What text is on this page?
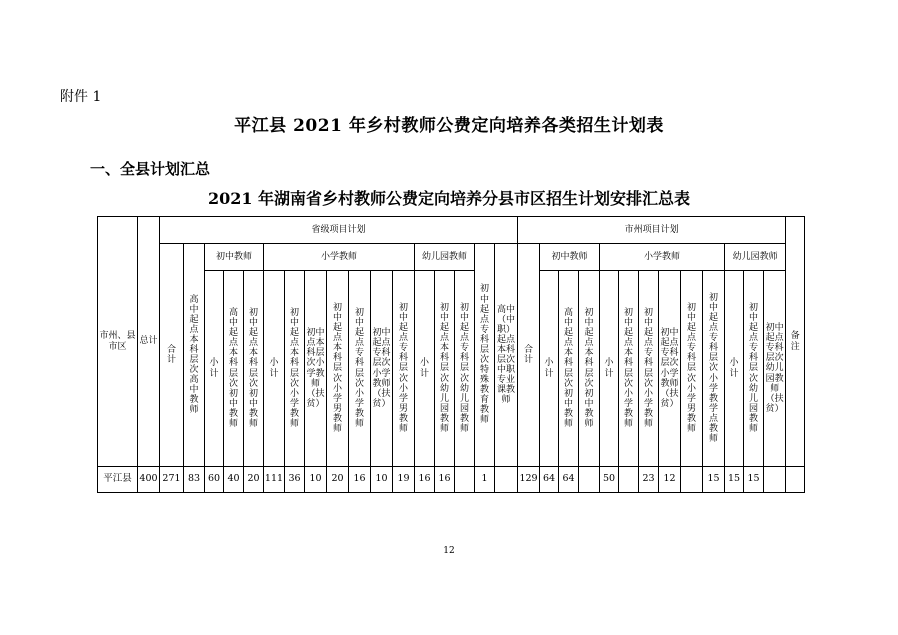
附件 1
平江县 2021 年乡村教师公费定向培养各类招生计划表
一、全县计划汇总
2021 年湖南省乡村教师公费定向培养分县市区招生计划安排汇总表
市州、县市区	总计	省级项目计划																	市州项目计划													备注
		合计	高中起点本科层次高中教师	初中教师			小学教师							幼儿园教师			初中起点专科层次特殊教育教师	高中（中职）起点本科层次中职专业课教师	合计	初中教师			小学教师						幼儿园教师			
				小计	高中起点本科层次初中教师	初中起点本科层次初中教师	小计	初中起点本科层次小学教师	初中点本科层次小学教师（扶贫）	初中起点本科层次小学男教师	初中起点专科层次小学教师	初中起点专科层次小学教师（扶贫）	初中起点专科层次小学男教师	小计	初中起点本科层次幼儿园教师	初中起点专科层次幼儿园教师				小计	高中起点本科层次初中教师	初中起点本科层次初中教师	小计	初中起点本科层次小学教师	初中起点专科层次小学教师	初中起点专科层次小学教师（扶贫）	初中起点专科层次小学男教师	初中起点专科层次小学教学点教师	小计	初中起点专科层次幼儿园教师	初中起点专科层次幼儿园教师（扶贫）	
平江县	400	271	83	60	40	20	111	36	10	20	16	10	19	16	16		1		129	64	64		50		23	12		15	15	15		
12
